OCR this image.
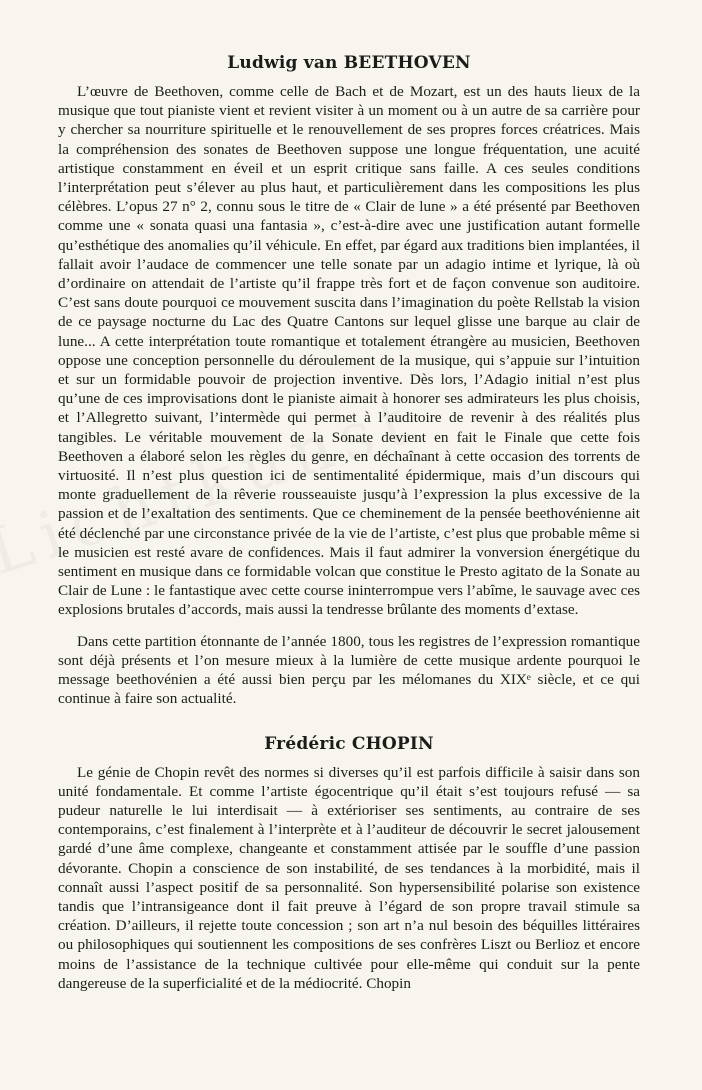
Ludwig van BEETHOVEN

L’œuvre de Beethoven, comme celle de Bach et de Mozart, est un des hauts lieux de la musique que tout pianiste vient et revient visiter à un moment ou à un autre de sa carrière pour y chercher sa nourriture spirituelle et le renouvellement de ses propres forces créatrices. Mais la compréhension des sonates de Beethoven suppose une longue fréquentation, une acuité artistique constamment en éveil et un esprit critique sans faille. A ces seules conditions l’interprétation peut s’élever au plus haut, et particulièrement dans les compositions les plus célèbres. L’opus 27 n° 2, connu sous le titre de « Clair de lune » a été présenté par Beethoven comme une « sonata quasi una fantasia », c’est-à-dire avec une justification autant formelle qu’esthétique des anomalies qu’il véhicule. En effet, par égard aux traditions bien implantées, il fallait avoir l’audace de commencer une telle sonate par un adagio intime et lyrique, là où d’ordinaire on attendait de l’artiste qu’il frappe très fort et de façon convenue son auditoire. C’est sans doute pourquoi ce mouvement suscita dans l’imagination du poète Rellstab la vision de ce paysage nocturne du Lac des Quatre Cantons sur lequel glisse une barque au clair de lune... A cette interprétation toute romantique et totalement étrangère au musicien, Beethoven oppose une conception personnelle du déroulement de la musique, qui s’appuie sur l’intuition et sur un formidable pouvoir de projection inventive. Dès lors, l’Adagio initial n’est plus qu’une de ces improvisations dont le pianiste aimait à honorer ses admirateurs les plus choisis, et l’Allegretto suivant, l’intermède qui permet à l’auditoire de revenir à des réalités plus tangibles. Le véritable mouvement de la Sonate devient en fait le Finale que cette fois Beethoven a élaboré selon les règles du genre, en déchaînant à cette occasion des torrents de virtuosité. Il n’est plus question ici de sentimentalité épidermique, mais d’un discours qui monte graduellement de la rêverie rousseauiste jusqu’à l’expression la plus excessive de la passion et de l’exaltation des sentiments. Que ce cheminement de la pensée beethovénienne ait été déclenché par une circonstance privée de la vie de l’artiste, c’est plus que probable même si le musicien est resté avare de confidences. Mais il faut admirer la vonversion énergétique du sentiment en musique dans ce formidable volcan que constitue le Presto agitato de la Sonate au Clair de Lune : le fantastique avec cette course ininterrompue vers l’abîme, le sauvage avec ces explosions brutales d’accords, mais aussi la tendresse brûlante des moments d’extase.

Dans cette partition étonnante de l’année 1800, tous les registres de l’expression romantique sont déjà présents et l’on mesure mieux à la lumière de cette musique ardente pourquoi le message beethovénien a été aussi bien perçu par les mélomanes du XIXᵉ siècle, et ce qui continue à faire son actualité.

Frédéric CHOPIN

Le génie de Chopin revêt des normes si diverses qu’il est parfois difficile à saisir dans son unité fondamentale. Et comme l’artiste égocentrique qu’il était s’est toujours refusé — sa pudeur naturelle le lui interdisait — à extérioriser ses sentiments, au contraire de ses contemporains, c’est finalement à l’interprète et à l’auditeur de découvrir le secret jalousement gardé d’une âme complexe, changeante et constamment attisée par le souffle d’une passion dévorante. Chopin a conscience de son instabilité, de ses tendances à la morbidité, mais il connaît aussi l’aspect positif de sa personnalité. Son hypersensibilité polarise son existence tandis que l’intransigeance dont il fait preuve à l’égard de son propre travail stimule sa création. D’ailleurs, il rejette toute concession ; son art n’a nul besoin des béquilles littéraires ou philosophiques qui soutiennent les compositions de ses confrères Liszt ou Berlioz et encore moins de l’assistance de la technique cultivée pour elle-même qui conduit sur la pente dangereuse de la superficialité et de la médiocrité. Chopin
